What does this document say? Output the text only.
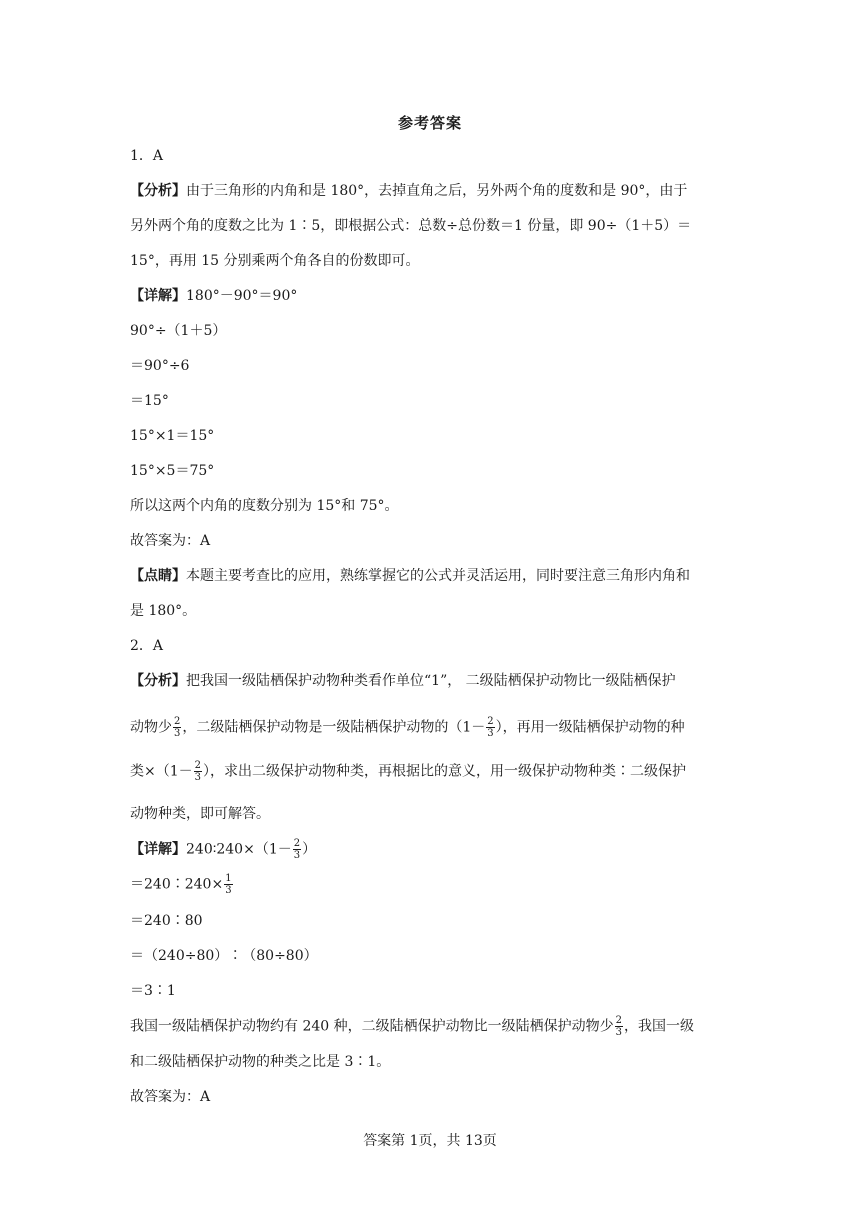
参考答案
1．A
【分析】由于三角形的内角和是 180°，去掉直角之后，另外两个角的度数和是 90°，由于
另外两个角的度数之比为 1∶5，即根据公式：总数÷总份数＝1 份量，即 90÷（1＋5）＝
15°，再用 15 分别乘两个角各自的份数即可。
【详解】180°－90°＝90°
90°÷（1＋5）
＝90°÷6
＝15°
15°×1＝15°
15°×5＝75°
所以这两个内角的度数分别为 15°和 75°。
故答案为：A
【点睛】本题主要考查比的应用，熟练掌握它的公式并灵活运用，同时要注意三角形内角和
是 180°。
2．A
【分析】把我国一级陆栖保护动物种类看作单位“1”， 二级陆栖保护动物比一级陆栖保护
动物少 $\frac{2}{3}$ ，二级陆栖保护动物是一级陆栖保护动物的（$1- \frac{2}{3}$ ），再用一级陆栖保护动物的种
类$\times(1- \frac{2}{3}$ ），求出二级保护动物种类，再根据比的意义，用一级保护动物种类∶二级保护
动物种类，即可解答。
【详解】240∶240×（1－ $\frac{2}{3}$ ）
＝240∶240× $\frac{1}{3}$
＝240∶80
＝（240÷80）∶（80÷80）
＝3∶1
我国一级陆栖保护动物约有 240 种，二级陆栖保护动物比一级陆栖保护动物少 $\frac{2}{3}$ ，我国一级
和二级陆栖保护动物的种类之比是 3∶1。
故答案为：A
答案第 1页，共 13页
